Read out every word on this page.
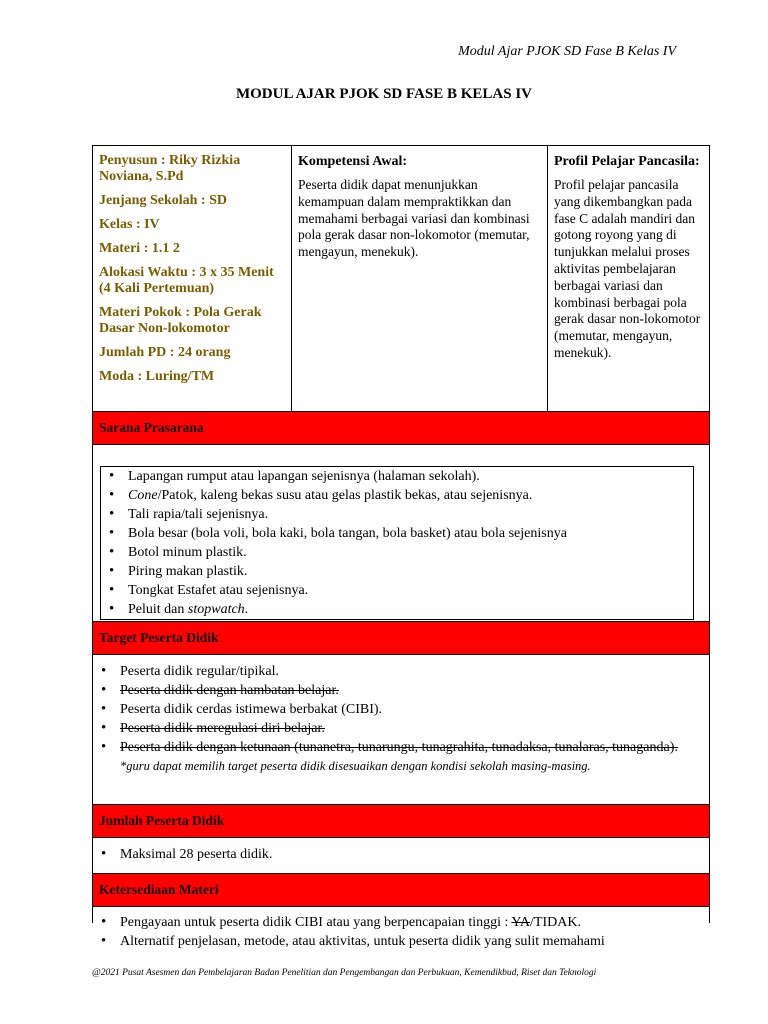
Modul Ajar PJOK SD Fase B Kelas IV
MODUL AJAR PJOK SD FASE B KELAS IV

Penyusun : Riky Rizkia Noviana, S.Pd

Jenjang Sekolah : SD

Kelas : IV

Materi : 1.1 2

Alokasi Waktu : 3 x 35 Menit (4 Kali Pertemuan)

Materi Pokok : Pola Gerak Dasar Non-lokomotor

Jumlah PD : 24 orang

Moda : Luring/TM

Kompetensi Awal:

Peserta didik dapat menunjukkan kemampuan dalam mempraktikkan dan memahami berbagai variasi dan kombinasi pola gerak dasar non-lokomotor (memutar, mengayun, menekuk).

Profil Pelajar Pancasila:

Profil pelajar pancasila yang dikembangkan pada fase C adalah mandiri dan gotong royong yang di tunjukkan melalui proses aktivitas pembelajaran berbagai variasi dan kombinasi berbagai pola gerak dasar non-lokomotor (memutar, mengayun, menekuk).

Sarana Prasarana
• Lapangan rumput atau lapangan sejenisnya (halaman sekolah).
• Cone/Patok, kaleng bekas susu atau gelas plastik bekas, atau sejenisnya.
• Tali rapia/tali sejenisnya.
• Bola besar (bola voli, bola kaki, bola tangan, bola basket) atau bola sejenisnya
• Botol minum plastik.
• Piring makan plastik.
• Tongkat Estafet atau sejenisnya.
• Peluit dan stopwatch.
Target Peserta Didik
• Peserta didik regular/tipikal.
• Peserta didik dengan hambatan belajar.
• Peserta didik cerdas istimewa berbakat (CIBI).
• Peserta didik meregulasi diri belajar.
• Peserta didik dengan ketunaan (tunanetra, tunarungu, tunagrahita, tunadaksa, tunalaras, tunaganda).
*guru dapat memilih target peserta didik disesuaikan dengan kondisi sekolah masing-masing.
Jumlah Peserta Didik
• Maksimal 28 peserta didik.
Ketersediaan Materi
• Pengayaan untuk peserta didik CIBI atau yang berpencapaian tinggi : YA/TIDAK.
• Alternatif penjelasan, metode, atau aktivitas, untuk peserta didik yang sulit memahami
@2021 Pusat Asesmen dan Pembelajaran Badan Penelitian dan Pengembangan dan Perbukuan, Kemendikbud, Riset dan Teknologi
